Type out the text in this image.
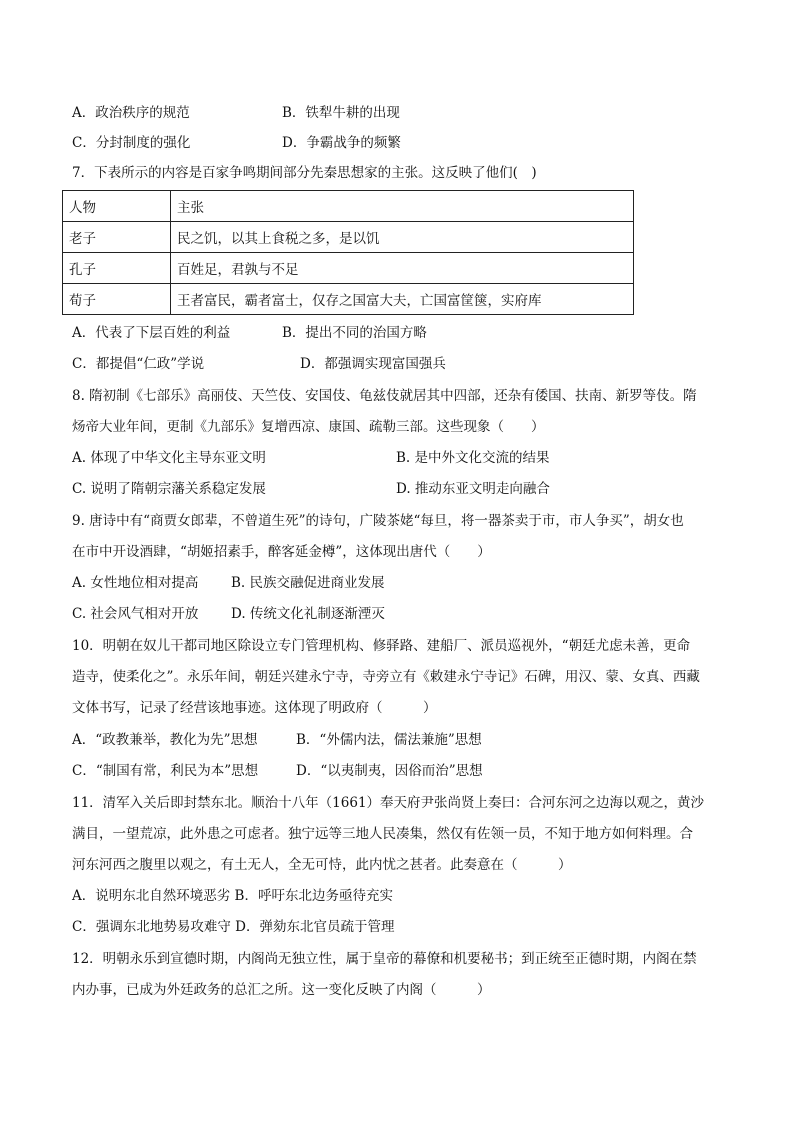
A．政治秩序的规范	B．铁犁牛耕的出现
C．分封制度的强化	D．争霸战争的频繁
7．下表所示的内容是百家争鸣期间部分先秦思想家的主张。这反映了他们(　)
人物	主张
老子	民之饥，以其上食税之多，是以饥
孔子	百姓足，君孰与不足
荀子	王者富民，霸者富士，仅存之国富大夫，亡国富筐箧，实府库
A．代表了下层百姓的利益	B．提出不同的治国方略
C．都提倡“仁政”学说	D．都强调实现富国强兵
8. 隋初制《七部乐》高丽伎、天竺伎、安国伎、龟兹伎就居其中四部，还杂有倭国、扶南、新罗等伎。隋
炀帝大业年间，更制《九部乐》复增西凉、康国、疏勒三部。这些现象（　　）
A. 体现了中华文化主导东亚文明	B. 是中外文化交流的结果
C. 说明了隋朝宗藩关系稳定发展	D. 推动东亚文明走向融合
9. 唐诗中有“商贾女郎辈，不曾道生死”的诗句，广陵茶姥“每旦，将一器茶卖于市，市人争买”，胡女也
在市中开设酒肆，“胡姬招素手，醉客延金樽”，这体现出唐代（　　）
A. 女性地位相对提高 B. 民族交融促进商业发展
C. 社会风气相对开放 D. 传统文化礼制逐渐湮灭
10．明朝在奴儿干都司地区除设立专门管理机构、修驿路、建船厂、派员巡视外，“朝廷尤虑未善，更命
造寺，使柔化之”。永乐年间，朝廷兴建永宁寺，寺旁立有《敕建永宁寺记》石碑，用汉、蒙、女真、西藏
文体书写，记录了经营该地事迹。这体现了明政府（　　　）
A．“政教兼举，教化为先”思想	B．“外儒内法，儒法兼施”思想
C．“制国有常，利民为本”思想	D．“以夷制夷，因俗而治”思想
11．清军入关后即封禁东北。顺治十八年（1661）奉天府尹张尚贤上奏曰：合河东河之边海以观之，黄沙
满目，一望荒凉，此外患之可虑者。独宁远等三地人民凑集，然仅有佐领一员，不知于地方如何料理。合
河东河西之腹里以观之，有土无人，全无可恃，此内忧之甚者。此奏意在（　　　）
A．说明东北自然环境恶劣 B．呼吁东北边务亟待充实
C．强调东北地势易攻难守 D．弹劾东北官员疏于管理
12．明朝永乐到宣德时期，内阁尚无独立性，属于皇帝的幕僚和机要秘书；到正统至正德时期，内阁在禁
内办事，已成为外廷政务的总汇之所。这一变化反映了内阁（　　　）
